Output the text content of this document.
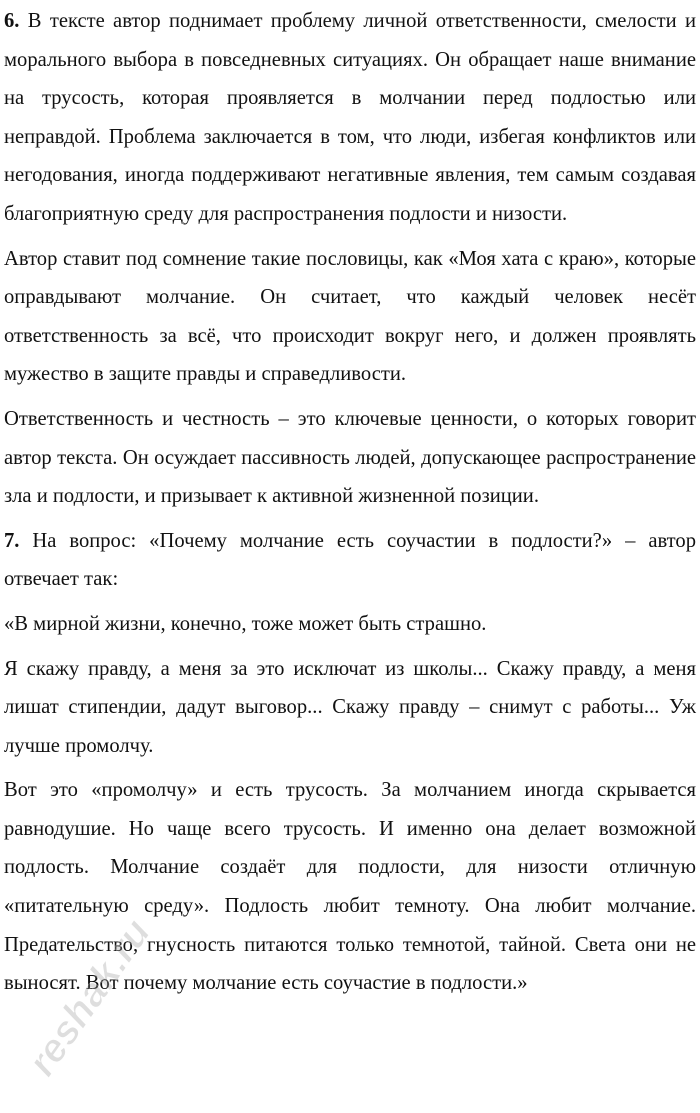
6. В тексте автор поднимает проблему личной ответственности, смелости и морального выбора в повседневных ситуациях. Он обращает наше внимание на трусость, которая проявляется в молчании перед подлостью или неправдой. Проблема заключается в том, что люди, избегая конфликтов или негодования, иногда поддерживают негативные явления, тем самым создавая благоприятную среду для распространения подлости и низости.

Автор ставит под сомнение такие пословицы, как «Моя хата с краю», которые оправдывают молчание. Он считает, что каждый человек несёт ответственность за всё, что происходит вокруг него, и должен проявлять мужество в защите правды и справедливости.

Ответственность и честность – это ключевые ценности, о которых говорит автор текста. Он осуждает пассивность людей, допускающее распространение зла и подлости, и призывает к активной жизненной позиции.

7. На вопрос: «Почему молчание есть соучастии в подлости?» – автор отвечает так:

«В мирной жизни, конечно, тоже может быть страшно.

Я скажу правду, а меня за это исключат из школы... Скажу правду, а меня лишат стипендии, дадут выговор... Скажу правду – снимут с работы... Уж лучше промолчу.

Вот это «промолчу» и есть трусость. За молчанием иногда скрывается равнодушие. Но чаще всего трусость. И именно она делает возможной подлость. Молчание создаёт для подлости, для низости отличную «питательную среду». Подлость любит темноту. Она любит молчание. Предательство, гнусность питаются только темнотой, тайной. Света они не выносят. Вот почему молчание есть соучастие в подлости.»

reshak.ru
